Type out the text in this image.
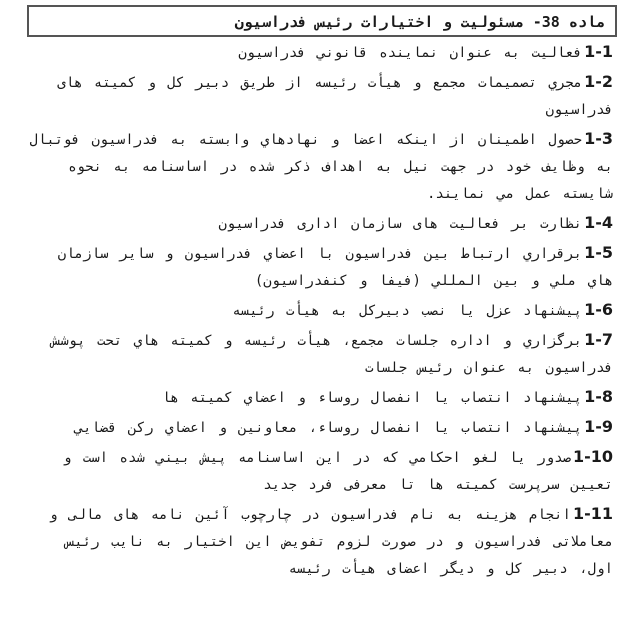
ماده 38- مسئولیت و اختیارات رئیس فدراسیون

1-1فعالیت به عنوان نماینده قانوني فدراسیون

1-2مجري تصمیمات مجمع و هیأت رئیسه از طریق دبیر کل و کمیته های فدراسیون

1-3حصول اطمینان از اینکه اعضا و نهادهاي وابسته به فدراسیون فوتبال به وظایف خود در جهت نیل به اهداف ذکر شده در اساسنامه به نحوه شایسته عمل مي نمایند.

1-4نظارت بر فعالیت های سازمان اداری فدراسیون

1-5برقراري ارتباط بین فدراسیون با اعضاي فدراسیون و سایر سازمان هاي ملي و بین المللي (فیفا و کنفدراسیون)

1-6پیشنهاد عزل یا نصب دبیرکل به هیأت رئیسه

1-7برگزاري و اداره جلسات مجمع، هیأت رئیسه و کمیته هاي تحت پوشش فدراسیون به عنوان رئیس جلسات

1-8پیشنهاد انتصاب یا انفصال روساء و اعضاي کمیته ها

1-9پیشنهاد انتصاب یا انفصال روساء، معاونین و اعضاي رکن قضایي

1-10صدور یا لغو احکامي که در این اساسنامه پیش بیني شده است و تعیین سرپرست کمیته ها تا معرفی فرد جدید

1-11انجام هزینه به نام فدراسیون در چارچوب آئین نامه های مالی و معاملاتی فدراسیون و در صورت لزوم تفویض این اختیار به نایب رئیس اول، دبیر کل و دیگر اعضای هیأت رئیسه
